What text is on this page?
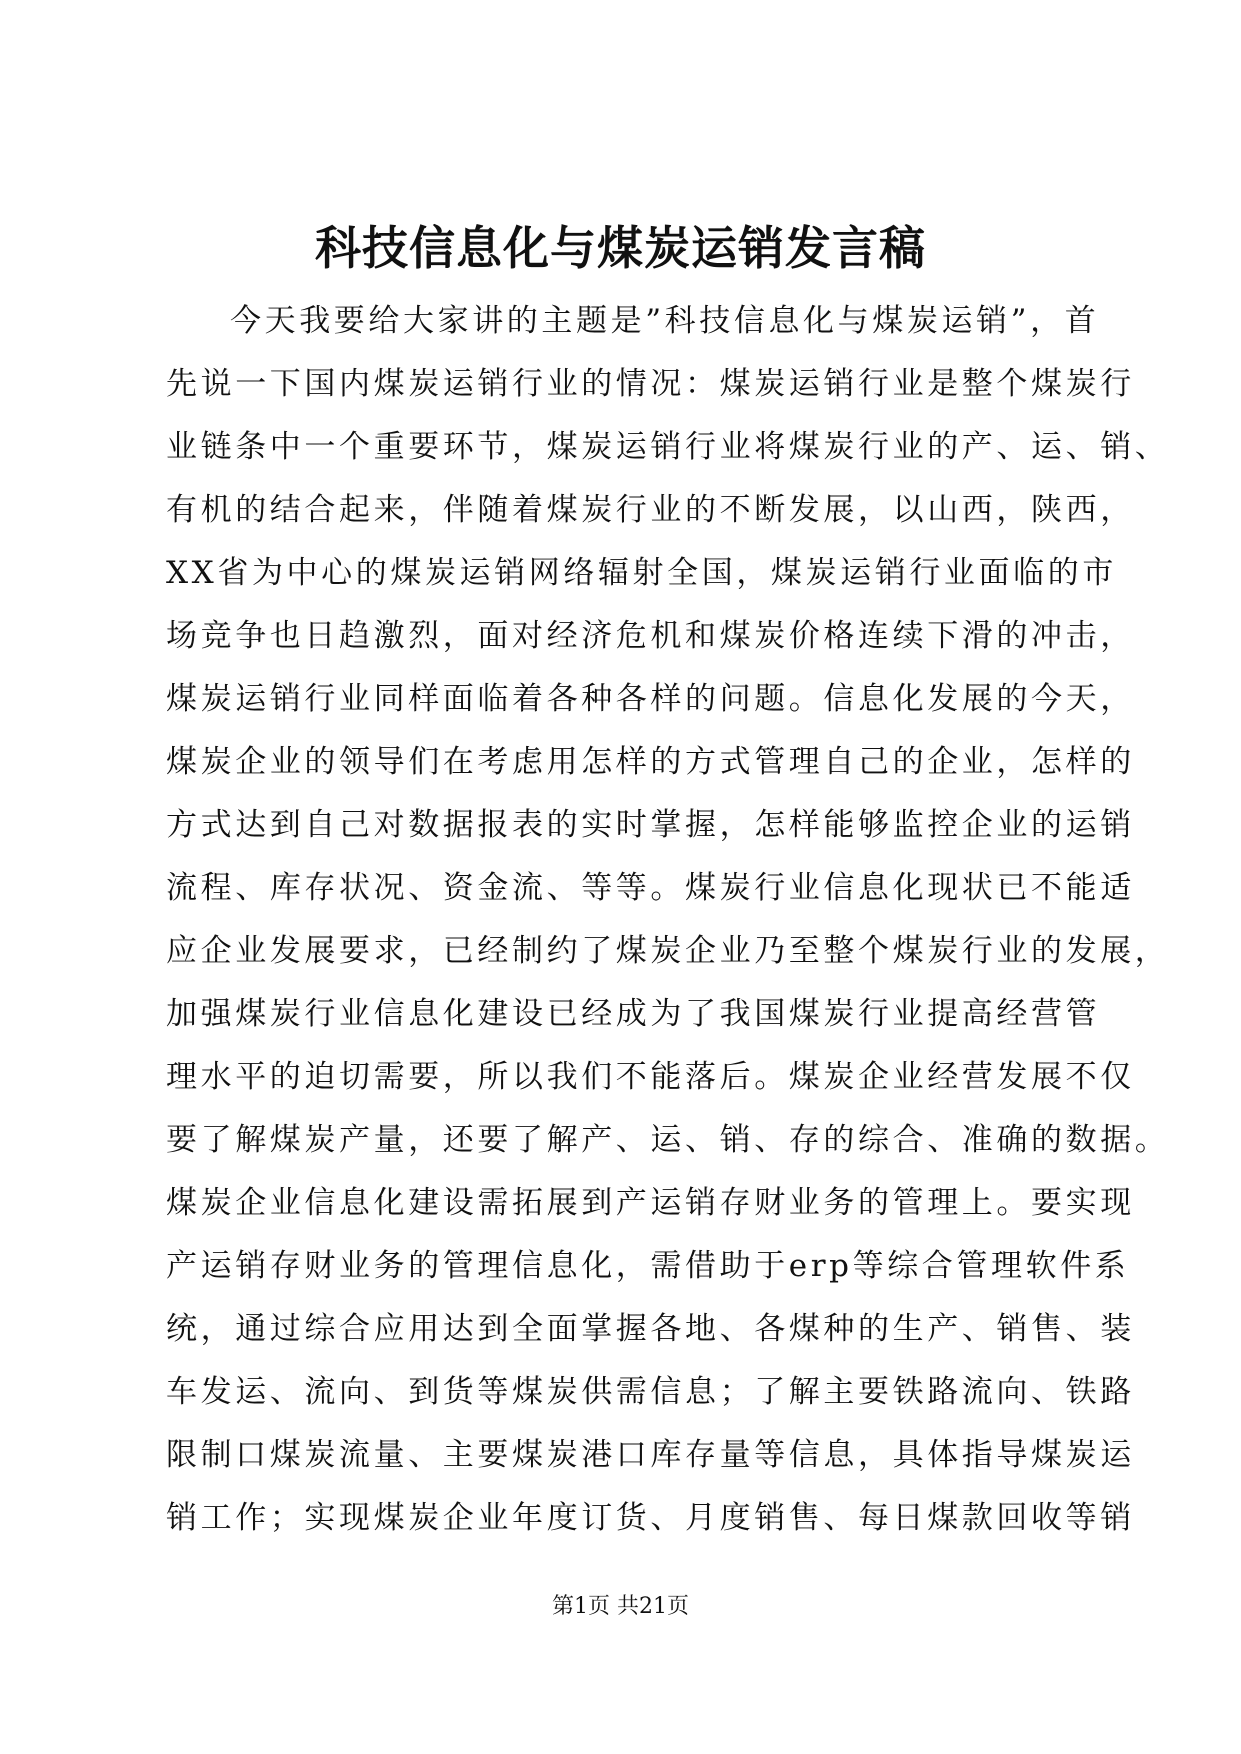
科技信息化与煤炭运销发言稿
今天我要给大家讲的主题是”科技信息化与煤炭运销”，首
先说一下国内煤炭运销行业的情况：煤炭运销行业是整个煤炭行
业链条中一个重要环节，煤炭运销行业将煤炭行业的产、运、销、
有机的结合起来，伴随着煤炭行业的不断发展，以山西，陕西，
XX省为中心的煤炭运销网络辐射全国，煤炭运销行业面临的市
场竞争也日趋激烈，面对经济危机和煤炭价格连续下滑的冲击，
煤炭运销行业同样面临着各种各样的问题。信息化发展的今天，
煤炭企业的领导们在考虑用怎样的方式管理自己的企业，怎样的
方式达到自己对数据报表的实时掌握，怎样能够监控企业的运销
流程、库存状况、资金流、等等。煤炭行业信息化现状已不能适
应企业发展要求，已经制约了煤炭企业乃至整个煤炭行业的发展，
加强煤炭行业信息化建设已经成为了我国煤炭行业提高经营管
理水平的迫切需要，所以我们不能落后。煤炭企业经营发展不仅
要了解煤炭产量，还要了解产、运、销、存的综合、准确的数据。
煤炭企业信息化建设需拓展到产运销存财业务的管理上。要实现
产运销存财业务的管理信息化，需借助于erp等综合管理软件系
统，通过综合应用达到全面掌握各地、各煤种的生产、销售、装
车发运、流向、到货等煤炭供需信息；了解主要铁路流向、铁路
限制口煤炭流量、主要煤炭港口库存量等信息，具体指导煤炭运
销工作；实现煤炭企业年度订货、月度销售、每日煤款回收等销
第1页 共21页
